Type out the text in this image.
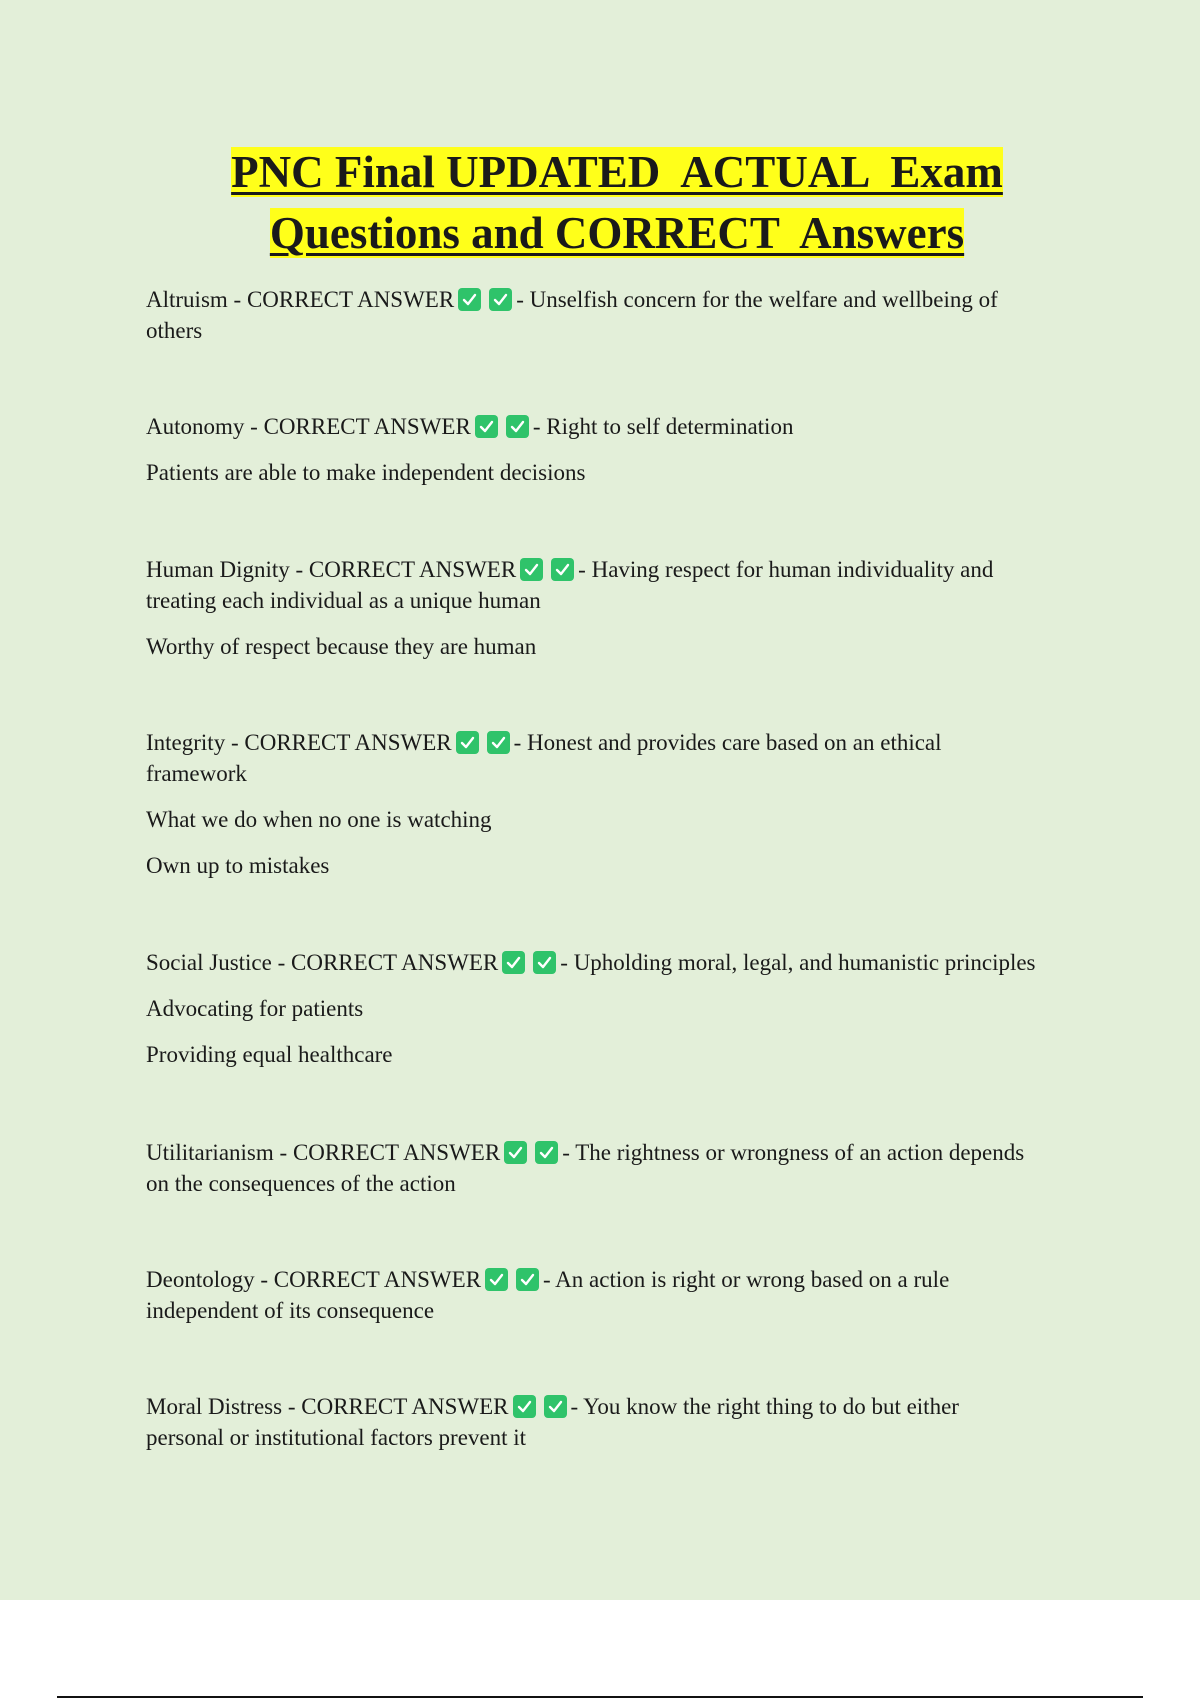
PNC Final UPDATED  ACTUAL  Exam
Questions and CORRECT  Answers

Altruism - CORRECT ANSWER	- Unselfish concern for the welfare and wellbeing of

others

Autonomy - CORRECT ANSWER	- Right to self determination

Patients are able to make independent decisions

Human Dignity - CORRECT ANSWER	- Having respect for human individuality and

treating each individual as a unique human

Worthy of respect because they are human

Integrity - CORRECT ANSWER	- Honest and provides care based on an ethical

framework

What we do when no one is watching

Own up to mistakes

Social Justice - CORRECT ANSWER	- Upholding moral, legal, and humanistic principles

Advocating for patients

Providing equal healthcare

Utilitarianism - CORRECT ANSWER	- The rightness or wrongness of an action depends

on the consequences of the action

Deontology - CORRECT ANSWER	- An action is right or wrong based on a rule

independent of its consequence

Moral Distress - CORRECT ANSWER	- You know the right thing to do but either

personal or institutional factors prevent it
